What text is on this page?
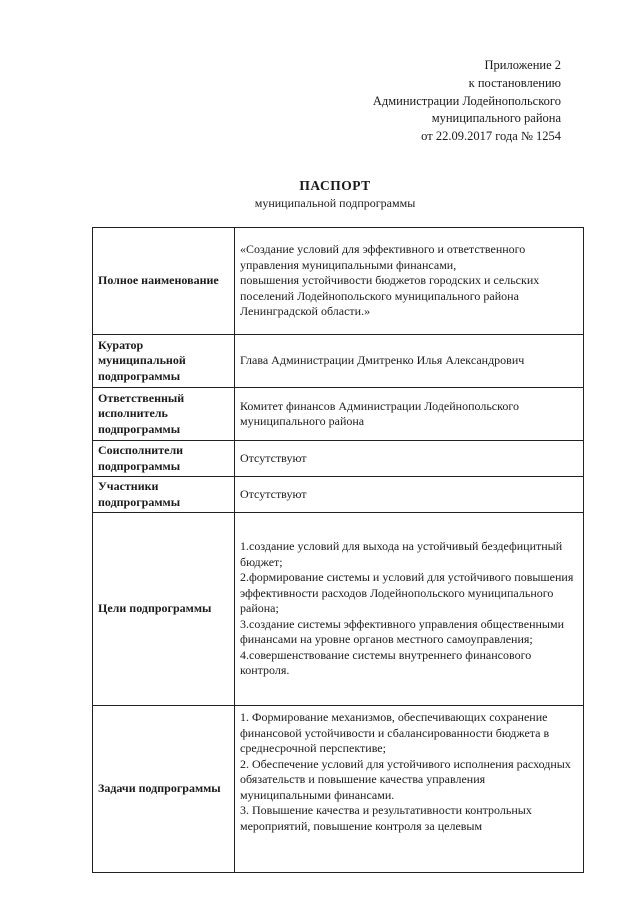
Приложение 2
к постановлению
Администрации Лодейнопольского
муниципального района
от 22.09.2017 года № 1254
ПАСПОРТ
муниципальной подпрограммы
Полное наименование	«Создание условий для эффективного и ответственного управления муниципальными финансами,
повышения устойчивости бюджетов городских и сельских поселений Лодейнопольского муниципального района Ленинградской области.»

Куратор муниципальной подпрограммы	Глава Администрации Дмитренко Илья Александрович
Ответственный исполнитель подпрограммы	Комитет финансов Администрации Лодейнопольского муниципального района
Соисполнители подпрограммы	Отсутствуют
Участники подпрограммы	Отсутствуют
Цели подпрограммы	1.создание условий для выхода на устойчивый бездефицитный бюджет;
2.формирование системы и условий для устойчивого повышения эффективности расходов Лодейнопольского муниципального района;
3.создание системы эффективного управления общественными финансами на уровне органов местного самоуправления;
4.совершенствование системы внутреннего финансового контроля.

Задачи подпрограммы	1. Формирование механизмов, обеспечивающих сохранение финансовой устойчивости и сбалансированности бюджета в среднесрочной перспективе;
2. Обеспечение условий для устойчивого исполнения расходных обязательств и повышение качества управления муниципальными финансами.
3. Повышение качества и результативности контрольных мероприятий, повышение контроля за целевым
